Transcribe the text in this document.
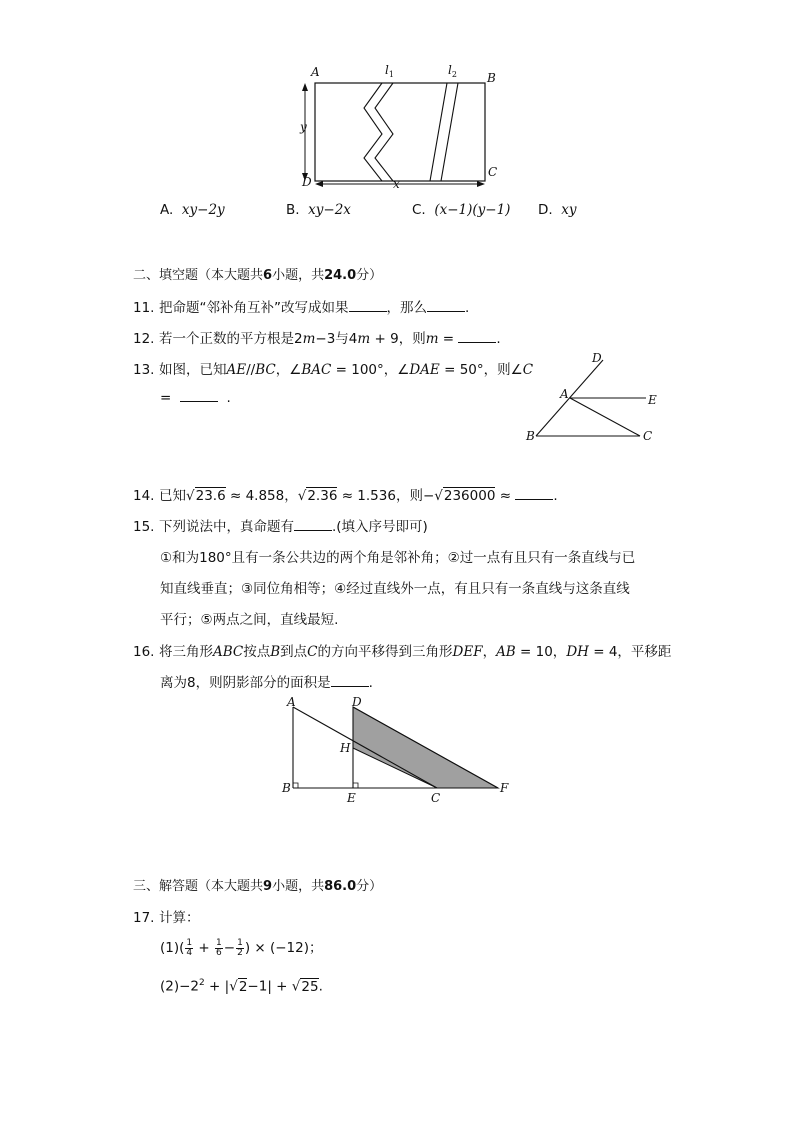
A	B
C
D	x
y
$l_1$	$l_2$
A. xy−2y	B. xy−2x	C. (x−1)(y−1) D. xy
二、填空题（本大题共6小题，共24.0分）
11. 把命题“邻补角互补”改写成如果	，那么	.
12. 若一个正数的平方根是2m−3与4m + 9，则m =	.
13. 如图，已知AE//BC，∠BAC = 100°，∠DAE = 50°，则∠C
=	.
D
A	E
B	C
14. 已知√23.6 ≈ 4.858，√2.36 ≈ 1.536，则−√236000 ≈	.
15. 下列说法中，真命题有	.(填入序号即可)
①和为180°且有一条公共边的两个角是邻补角；②过一点有且只有一条直线与已
知直线垂直；③同位角相等；④经过直线外一点，有且只有一条直线与这条直线
平行；⑤两点之间，直线最短.
16. 将三角形ABC按点B到点C的方向平移得到三角形DEF，AB = 10，DH = 4，平移距
离为8，则阴影部分的面积是	.
A	D
H
B
E	C
F
三、解答题（本大题共9小题，共86.0分）
17. 计算：
$(1)( \frac{1}{4} + \frac{1}{6} - \frac{1}{2}$ ) × (−12)；
$(2)-2^2 + |√2-1| + √25$.
